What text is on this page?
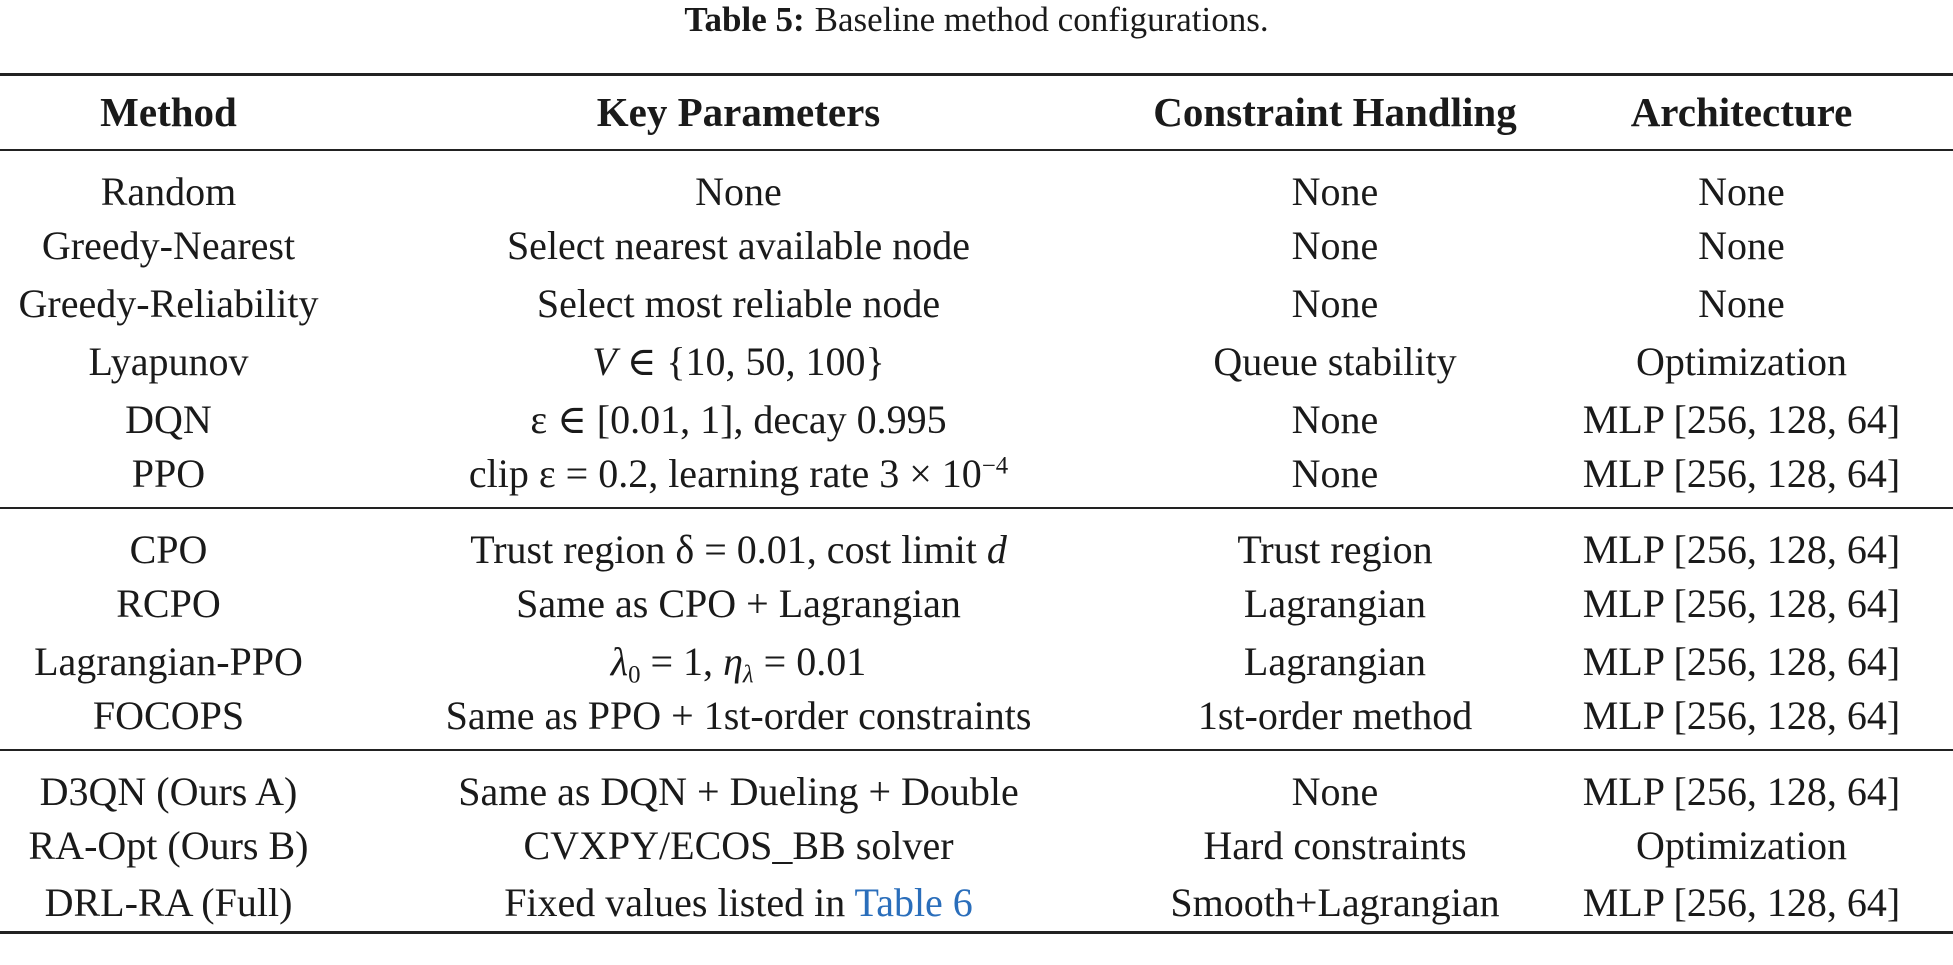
Table 5: Baseline method configurations.
Method	Key Parameters	Constraint Handling	Architecture
Random	None	None	None
Greedy-Nearest	Select nearest available node	None	None
Greedy-Reliability	Select most reliable node	None	None
Lyapunov	V ∈ {10, 50, 100}	Queue stability	Optimization
DQN	ε ∈ [0.01, 1], decay 0.995	None	MLP [256, 128, 64]
PPO	clip ε = 0.2, learning rate $3 \times 10^{-4}$	None	MLP [256, 128, 64]
CPO	Trust region δ = 0.01, cost limit d	Trust region	MLP [256, 128, 64]
RCPO	Same as CPO + Lagrangian	Lagrangian	MLP [256, 128, 64]
Lagrangian-PPO	$\lambda_0 = 1$, $\eta_\lambda = 0.01$	Lagrangian	MLP [256, 128, 64]
FOCOPS	Same as PPO + 1st-order constraints	1st-order method	MLP [256, 128, 64]
D3QN (Ours A)	Same as DQN + Dueling + Double	None	MLP [256, 128, 64]
RA-Opt (Ours B)	CVXPY/ECOS_BB solver	Hard constraints	Optimization
DRL-RA (Full)	Fixed values listed in Table 6	Smooth+Lagrangian	MLP [256, 128, 64]
